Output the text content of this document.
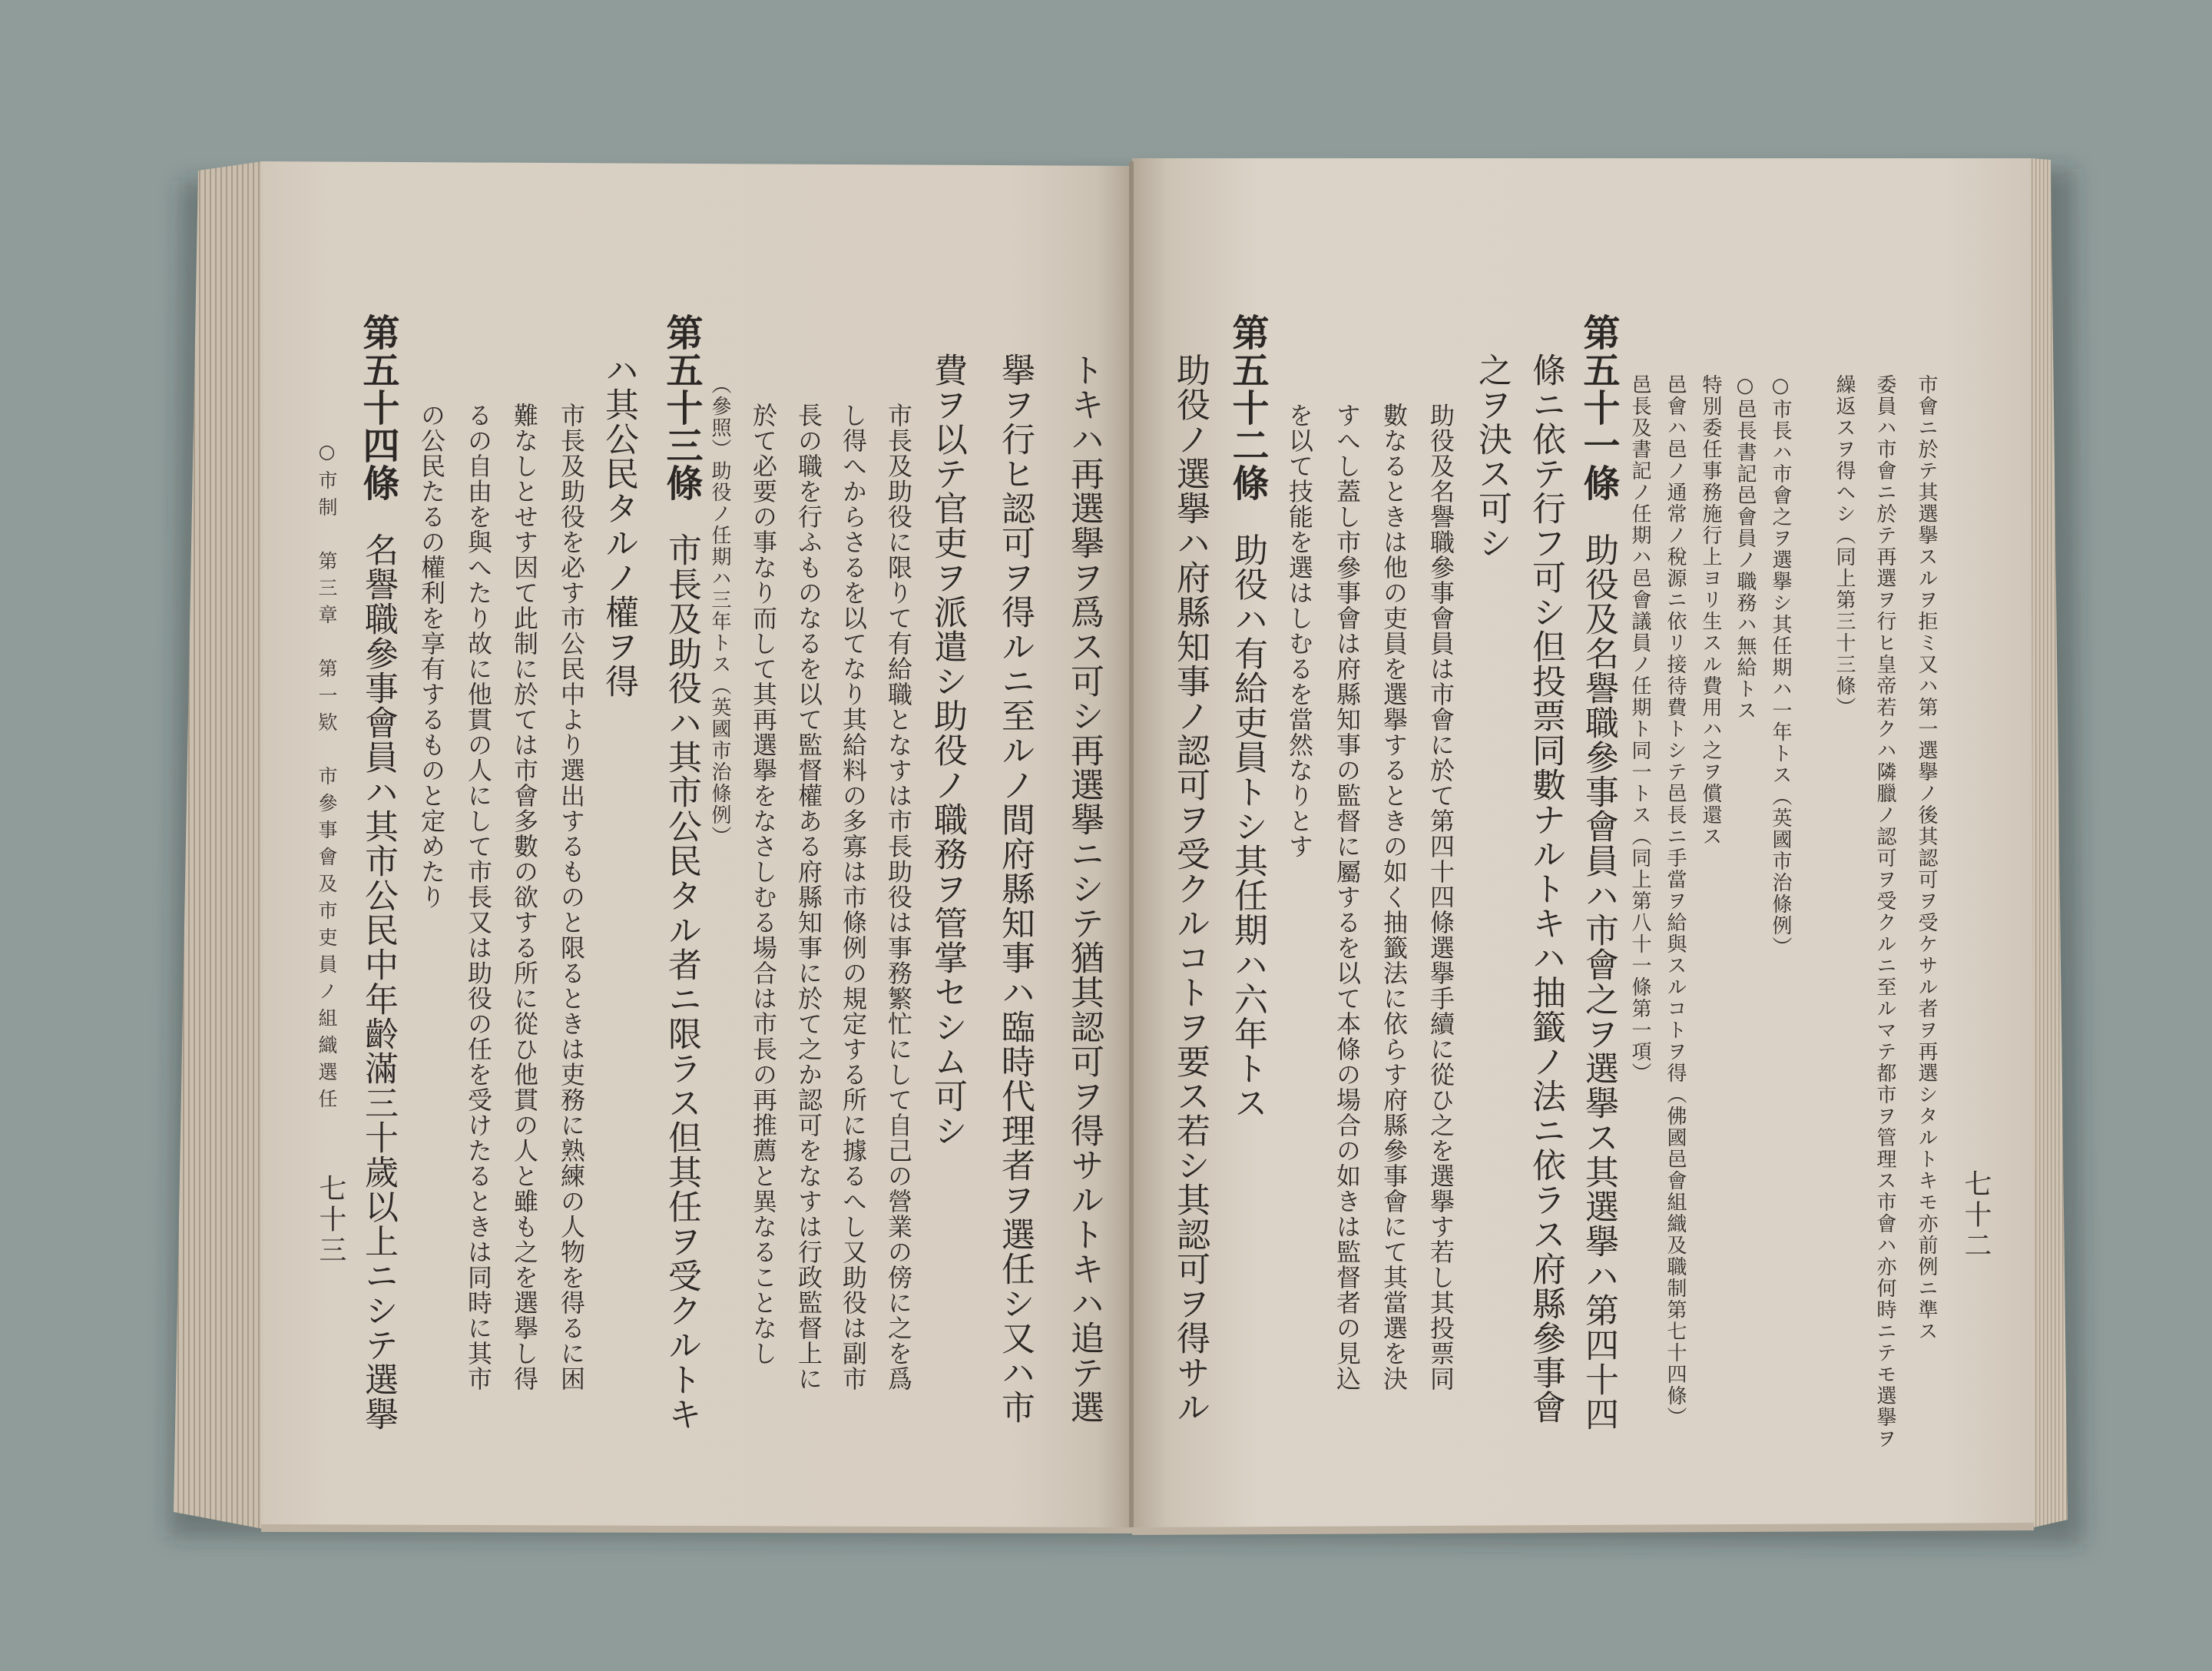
七十二
市會ニ於テ其選擧スルヲ拒ミ又ハ第一選擧ノ後其認可ヲ受ケサル者ヲ再選シタルトキモ亦前例ニ準ス
委員ハ市會ニ於テ再選ヲ行ヒ皇帝若クハ隣臘ノ認可ヲ受クルニ至ルマテ都市ヲ管理ス市會ハ亦何時ニテモ選擧ヲ
繰返スヲ得ヘシ（同上第三十三條）
○市長ハ市會之ヲ選擧シ其任期ハ一年トス（英國市治條例）
○邑長書記邑會員ノ職務ハ無給トス
特別委任事務施行上ヨリ生スル費用ハ之ヲ償還ス
邑會ハ邑ノ通常ノ稅源ニ依リ接待費トシテ邑長ニ手當ヲ給與スルコトヲ得（佛國邑會組織及職制第七十四條）
邑長及書記ノ任期ハ邑會議員ノ任期ト同一トス（同上第八十一條第一項）
第五十一條助役及名譽職參事會員ハ市會之ヲ選擧ス其選擧ハ第四十四
條ニ依テ行フ可シ但投票同數ナルトキハ抽籤ノ法ニ依ラス府縣參事會
之ヲ決ス可シ
助役及名譽職參事會員は市會に於て第四十四條選擧手續に從ひ之を選擧す若し其投票同
數なるときは他の吏員を選擧するときの如く抽籤法に依らす府縣參事會にて其當選を決
すへし蓋し市參事會は府縣知事の監督に屬するを以て本條の場合の如きは監督者の見込
を以て技能を選はしむるを當然なりとす
第五十二條助役ハ有給吏員トシ其任期ハ六年トス
助役ノ選擧ハ府縣知事ノ認可ヲ受クルコトヲ要ス若シ其認可ヲ得サル
トキハ再選擧ヲ爲ス可シ再選擧ニシテ猶其認可ヲ得サルトキハ追テ選
擧ヲ行ヒ認可ヲ得ルニ至ルノ間府縣知事ハ臨時代理者ヲ選任シ又ハ市
費ヲ以テ官吏ヲ派遣シ助役ノ職務ヲ管掌セシム可シ
市長及助役に限りて有給職となすは市長助役は事務繁忙にして自己の營業の傍に之を爲
し得へからさるを以てなり其給料の多寡は市條例の規定する所に據るへし又助役は副市
長の職を行ふものなるを以て監督權ある府縣知事に於て之か認可をなすは行政監督上に
於て必要の事なり而して其再選擧をなさしむる場合は市長の再推薦と異なることなし
（參照）助役ノ任期ハ三年トス（英國市治條例）
第五十三條市長及助役ハ其市公民タル者ニ限ラス但其任ヲ受クルトキ
ハ其公民タルノ權ヲ得
市長及助役を必す市公民中より選出するものと限るときは吏務に熟練の人物を得るに困
難なしとせす因て此制に於ては市會多數の欲する所に從ひ他貫の人と雖も之を選擧し得
るの自由を與へたり故に他貫の人にして市長又は助役の任を受けたるときは同時に其市
の公民たるの權利を享有するものと定めたり
第五十四條名譽職參事會員ハ其市公民中年齡滿三十歲以上ニシテ選擧
○市制　第三章　第一欵　市參事會及市吏員ノ組織選任
七十三
